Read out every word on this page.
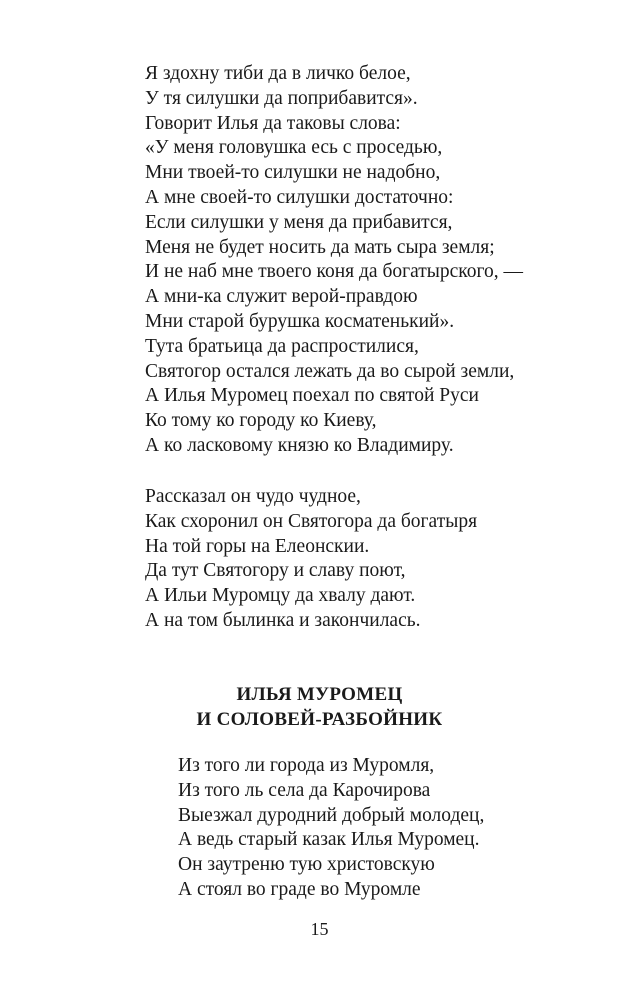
Я здохну тиби да в личко белое,
У тя силушки да поприбавится».
Говорит Илья да таковы слова:
«У меня головушка есь с проседью,
Мни твоей-то силушки не надобно,
А мне своей-то силушки достаточно:
Если силушки у меня да прибавится,
Меня не будет носить да мать сыра земля;
И не наб мне твоего коня да богатырского, —
А мни-ка служит верой-правдою
Мни старой бурушка косматенький».
Тута братьица да распростилися,
Святогор остался лежать да во сырой земли,
А Илья Муромец поехал по святой Руси
Ко тому ко городу ко Киеву,
А ко ласковому князю ко Владимиру.
Рассказал он чудо чудное,
Как схоронил он Святогора да богатыря
На той горы на Елеонскии.
Да тут Святогору и славу поют,
А Ильи Муромцу да хвалу дают.
А на том былинка и закончилась.
ИЛЬЯ МУРОМЕЦ
И СОЛОВЕЙ-РАЗБОЙНИК
Из того ли города из Муромля,
Из того ль села да Карочирова
Выезжал дуродний добрый молодец,
А ведь старый казак Илья Муромец.
Он заутреню тую христовскую
А стоял во граде во Муромле
15
